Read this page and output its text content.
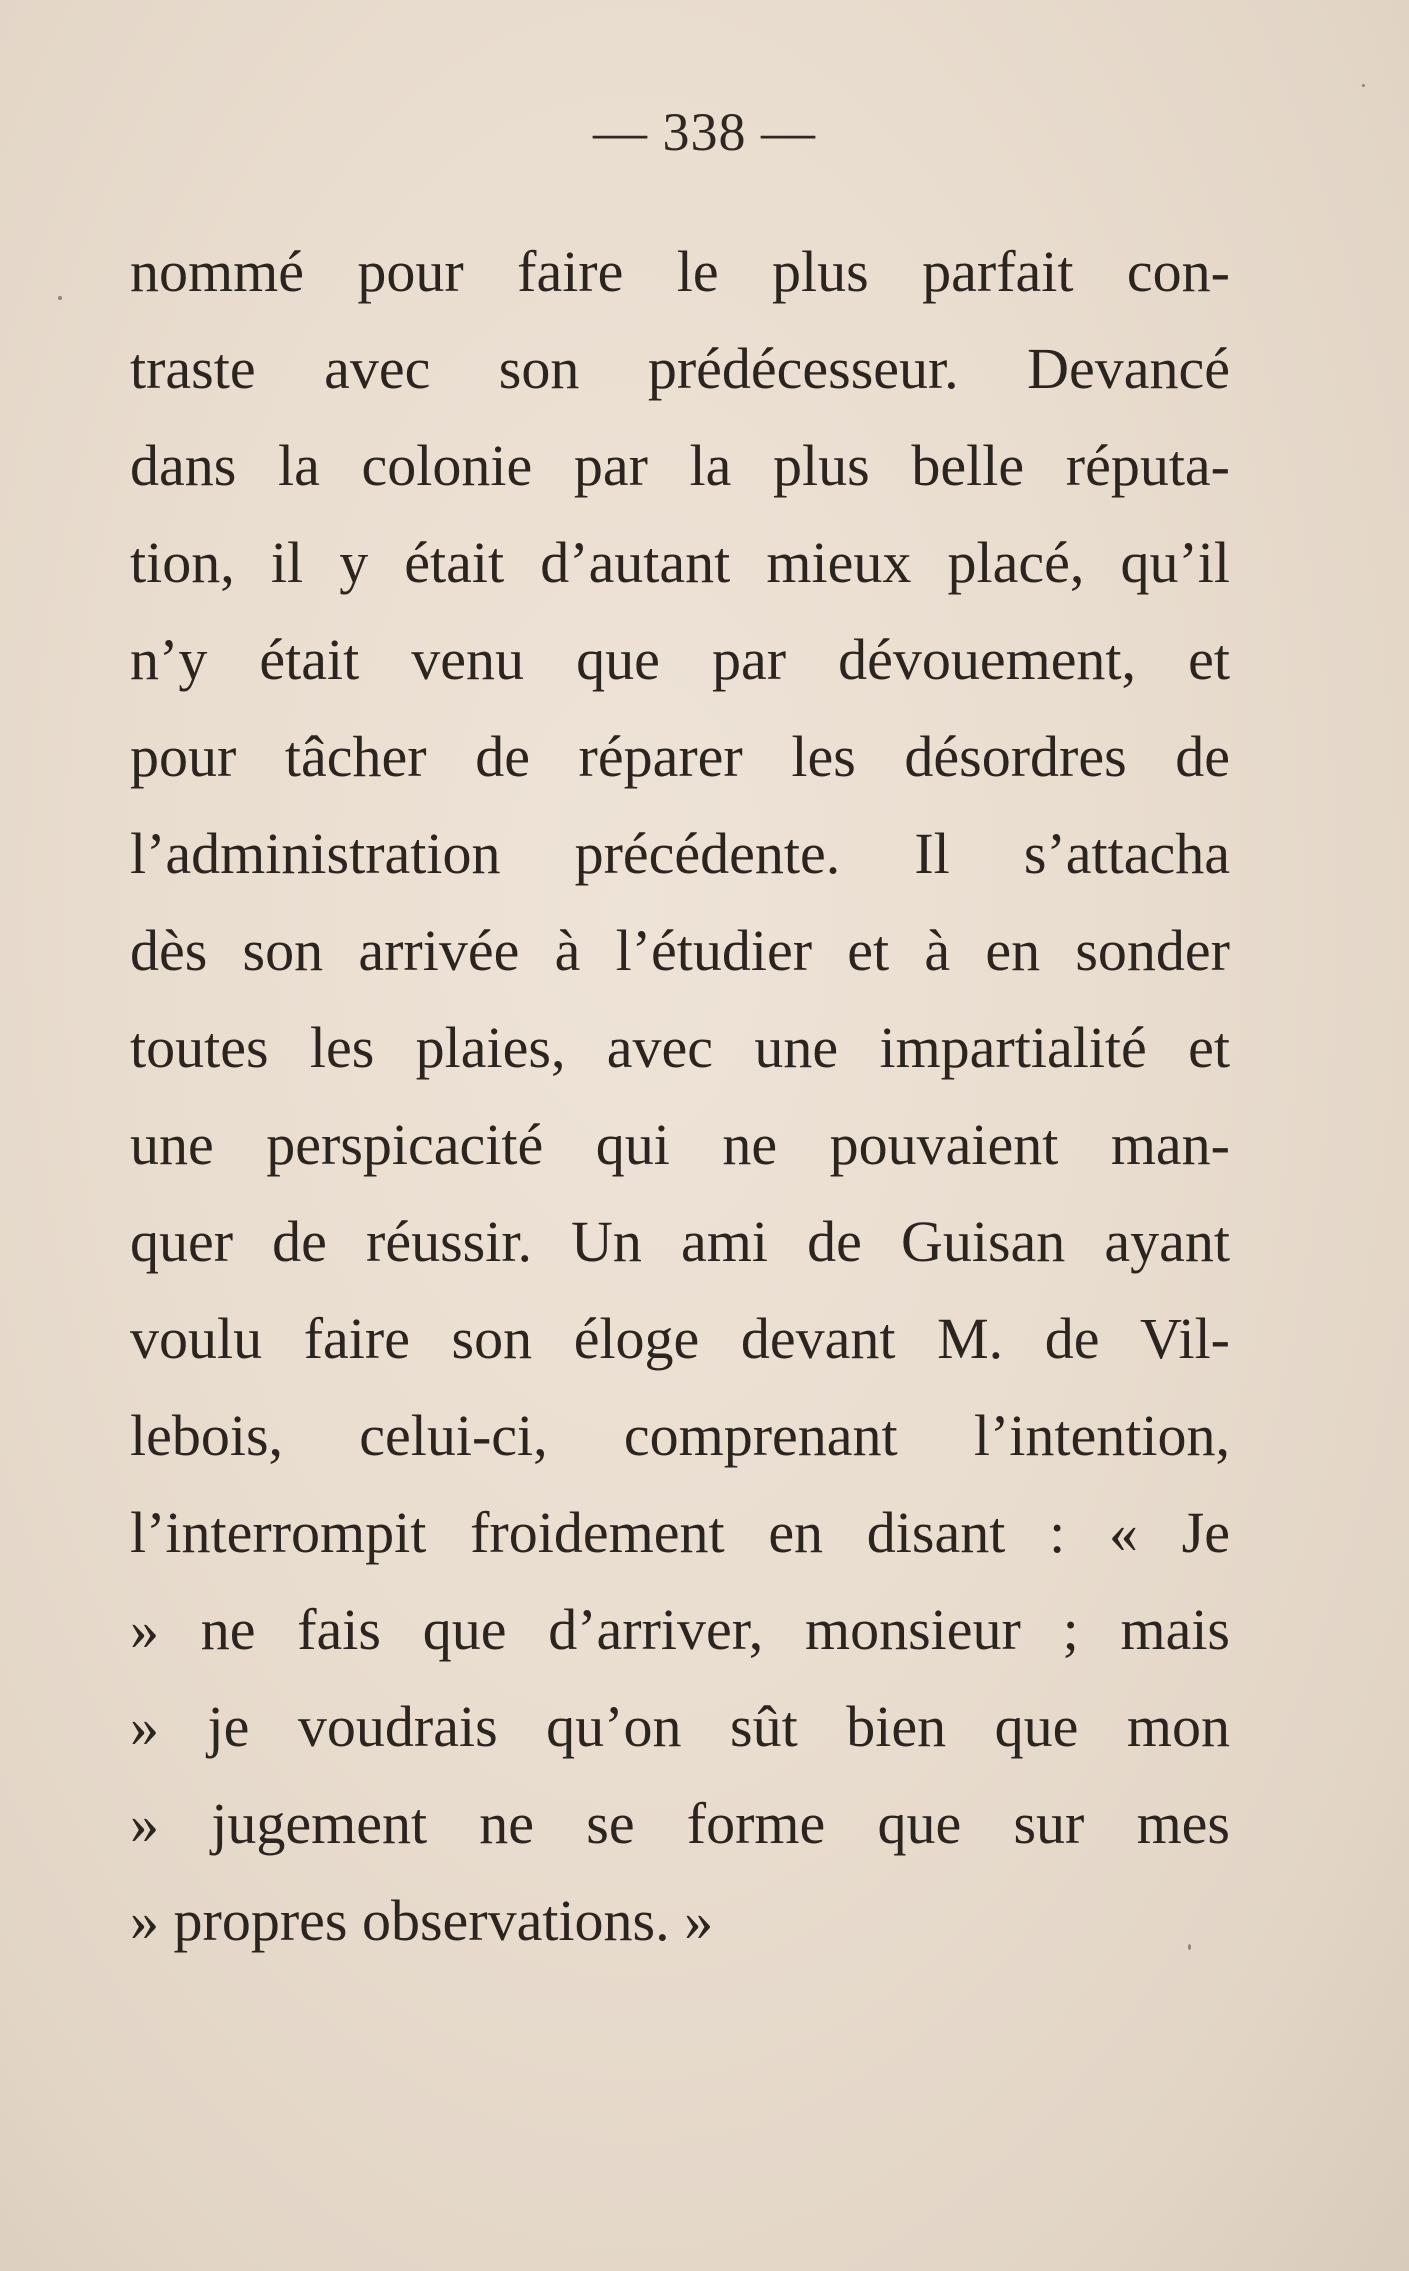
— 338 —
nommé pour faire le plus parfait con-
traste avec son prédécesseur. Devancé
dans la colonie par la plus belle réputa-
tion, il y était d’autant mieux placé, qu’il
n’y était venu que par dévouement, et
pour tâcher de réparer les désordres de
l’administration précédente. Il s’attacha
dès son arrivée à l’étudier et à en sonder
toutes les plaies, avec une impartialité et
une perspicacité qui ne pouvaient man-
quer de réussir. Un ami de Guisan ayant
voulu faire son éloge devant M. de Vil-
lebois, celui-ci, comprenant l’intention,
l’interrompit froidement en disant : « Je
» ne fais que d’arriver, monsieur ; mais
» je voudrais qu’on sût bien que mon
» jugement ne se forme que sur mes
» propres observations. »
